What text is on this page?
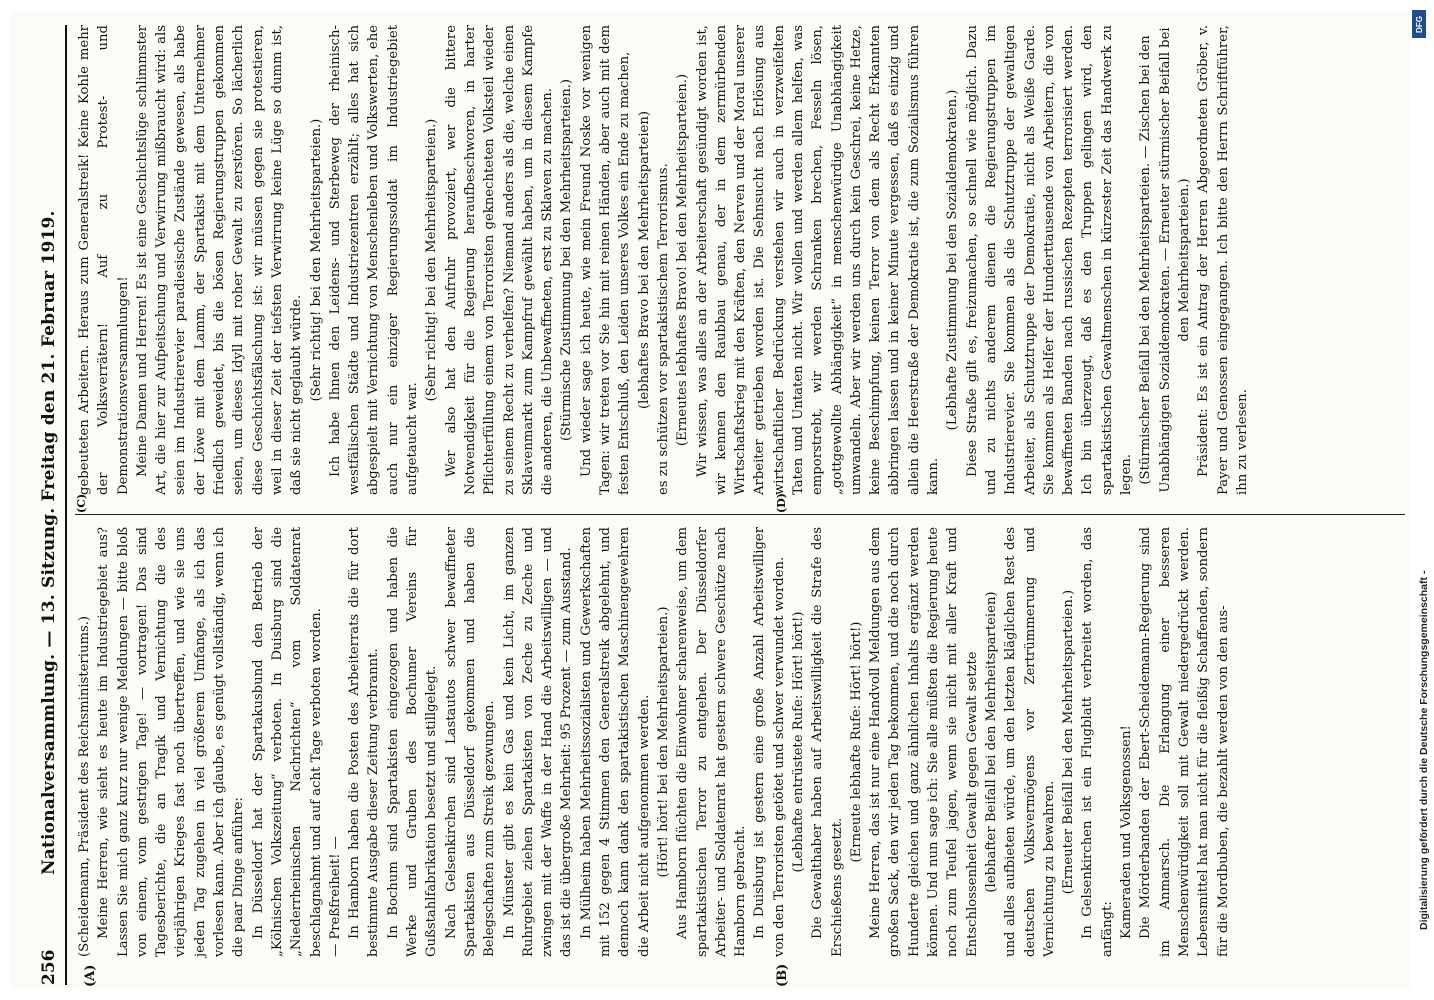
256
Nationalversammlung. — 13. Sitzung. Freitag den 21. Februar 1919.
(A)	(B)
(C)	(D)

(Scheidemann, Präsident des Reichsministeriums.) Meine Herren, wie sieht es heute im Industriegebiet aus? Lassen Sie mich ganz kurz nur wenige Meldungen — bitte bloß von einem, vom gestrigen Tage! — vortragen! Das sind Tagesberichte, die an Tragik und Vernichtung die des vierjährigen Krieges fast noch übertreffen, und wie sie uns jeden Tag zugehen in viel größerem Umfange, als ich das vorlesen kann. Aber ich glaube, es genügt vollständig, wenn ich die paar Dinge anführe: In Düsseldorf hat der Spartakusbund den Betrieb der „Kölnischen Volkszeitung“ verboten. In Duisburg sind die „Niederrheinischen Nachrichten“ vom Soldatenrat beschlagnahmt und auf acht Tage verboten worden. — Preßfreiheit! — In Hamborn haben die Posten des Arbeiterrats die für dort bestimmte Ausgabe dieser Zeitung verbrannt. In Bochum sind Spartakisten eingezogen und haben die Werke und Gruben des Bochumer Vereins für Gußstahlfabrikation besetzt und stillgelegt. Nach Gelsenkirchen sind Lastautos schwer bewaffneter Spartakisten aus Düsseldorf gekommen und haben die Belegschaften zum Streik gezwungen. In Münster gibt es kein Gas und kein Licht, im ganzen Ruhrgebiet ziehen Spartakisten von Zeche zu Zeche und zwingen mit der Waffe in der Hand die Arbeitswilligen — und das ist die übergroße Mehrheit: 95 Prozent — zum Ausstand. In Mülheim haben Mehrheitssozialisten und Gewerkschaften mit 152 gegen 4 Stimmen den Generalstreik abgelehnt, und dennoch kann dank den spartakistischen Maschinengewehren die Arbeit nicht aufgenommen werden. (Hört! hört! bei den Mehrheitsparteien.) Aus Hamborn flüchten die Einwohner scharenweise, um dem spartakistischen Terror zu entgehen. Der Düsseldorfer Arbeiter- und Soldatenrat hat gestern schwere Geschütze nach Hamborn gebracht. In Duisburg ist gestern eine große Anzahl Arbeitswilliger von den Terroristen getötet und schwer verwundet worden. (Lebhafte entrüstete Rufe: Hört! hört!) Die Gewalthaber haben auf Arbeitswilligkeit die Strafe des Erschießens gesetzt.

(Erneute lebhafte Rufe: Hört! hört!) Meine Herren, das ist nur eine Handvoll Meldungen aus dem großen Sack, den wir jeden Tag bekommen, und die noch durch Hunderte gleichen und ganz ähnlichen Inhalts ergänzt werden können. Und nun sage ich: Sie alle müßten die Regierung heute noch zum Teufel jagen, wenn sie nicht mit aller Kraft und Entschlossenheit Gewalt gegen Gewalt setzte (lebhafter Beifall bei den Mehrheitsparteien) und alles aufbieten würde, um den letzten kläglichen Rest des deutschen Volksvermögens vor Zertrümmerung und Vernichtung zu bewahren. (Erneuter Beifall bei den Mehrheitsparteien.) In Gelsenkirchen ist ein Flugblatt verbreitet worden, das anfängt: Kameraden und Volksgenossen! Die Mörderbanden der Ebert-Scheidemann-Regierung sind im Anmarsch. Die Erlangung einer besseren Menschenwürdigkeit soll mit Gewalt niedergedrückt werden. Lebensmittel hat man nicht für die fleißig Schaffenden, sondern für die Mordbuben, die bezahlt werden von den aus-

gebeuteten Arbeitern. Heraus zum Generalstreik! Keine Kohle mehr der Volksverrätern! Auf zu Protest- und Demonstrationsversammlungen! Meine Damen und Herren! Es ist eine Geschichtslüge schlimmster Art, die hier zur Aufpeitschung und Verwirrung mißbraucht wird: als seien im Industrierevier paradiesische Zustände gewesen, als habe der Löwe mit dem Lamm, der Spartakist mit dem Unternehmer friedlich geweidet, bis die bösen Regierungstruppen gekommen seien, um dieses Idyll mit roher Gewalt zu zerstören. So lächerlich diese Geschichtsfälschung ist: wir müssen gegen sie protestieren, weil in dieser Zeit der tiefsten Verwirrung keine Lüge so dumm ist, daß sie nicht geglaubt würde. (Sehr richtig! bei den Mehrheitsparteien.) Ich habe Ihnen den Leidens- und Sterbeweg der rheinisch-westfälischen Städte und Industriezentren erzählt; alles hat sich abgespielt mit Vernichtung von Menschenleben und Volkswerten, ehe auch nur ein einziger Regierungssoldat im Industriegebiet aufgetaucht war.

(Sehr richtig! bei den Mehrheitsparteien.) Wer also hat den Aufruhr provoziert, wer die bittere Notwendigkeit für die Regierung heraufbeschworen, in harter Pflichterfüllung einem von Terroristen geknechteten Volksteil wieder zu seinem Recht zu verhelfen? Niemand anders als die, welche einen Sklavenmarkt zum Kampfruf gewählt haben, um in diesem Kampfe die anderen, die Unbewaffneten, erst zu Sklaven zu machen. (Stürmische Zustimmung bei den Mehrheitsparteien.) Und wieder sage ich heute, wie mein Freund Noske vor wenigen Tagen: wir treten vor Sie hin mit reinen Händen, aber auch mit dem festen Entschluß, den Leiden unseres Volkes ein Ende zu machen, (lebhaftes Bravo bei den Mehrheitsparteien) es zu schützen vor spartakistischem Terrorismus. (Erneutes lebhaftes Bravo! bei den Mehrheitsparteien.) Wir wissen, was alles an der Arbeiterschaft gesündigt worden ist, wir kennen den Raubbau genau, der in dem zermürbenden Wirtschaftskrieg mit den Kräften, den Nerven und der Moral unserer Arbeiter getrieben worden ist. Die Sehnsucht nach Erlösung aus wirtschaftlicher Bedrückung verstehen wir auch in verzweifelten Taten und Untaten nicht. Wir wollen und werden allem helfen, was emporstrebt, wir werden Schranken brechen, Fesseln lösen, „gottgewollte Abhängigkeit“ in menschenwürdige Unabhängigkeit umwandeln. Aber wir werden uns durch kein Geschrei, keine Hetze, keine Beschimpfung, keinen Terror von dem als Recht Erkannten abbringen lassen und in keiner Minute vergessen, daß es einzig und allein die Heerstraße der Demokratie ist, die zum Sozialismus führen kann.

(Lebhafte Zustimmung bei den Sozialdemokraten.) Diese Straße gilt es, freizumachen, so schnell wie möglich. Dazu und zu nichts anderem dienen die Regierungstruppen im Industrierevier. Sie kommen als die Schutztruppe der gewaltigen Arbeiter, als Schutztruppe der Demokratie, nicht als Weiße Garde. Sie kommen als Helfer der Hunderttausende von Arbeitern, die von bewaffneten Banden nach russischen Rezepten terrorisiert werden. Ich bin überzeugt, daß es den Truppen gelingen wird, den spartakistischen Gewaltmenschen in kürzester Zeit das Handwerk zu legen. (Stürmischer Beifall bei den Mehrheitsparteien. — Zischen bei den Unabhängigen Sozialdemokraten. — Erneuter stürmischer Beifall bei den Mehrheitsparteien.) Präsident: Es ist ein Antrag der Herren Abgeordneten Gröber, v. Payer und Genossen eingegangen. Ich bitte den Herrn Schriftführer, ihn zu verlesen.

DFG
Digitalisierung gefördert durch die Deutsche Forschungsgemeinschaft -
